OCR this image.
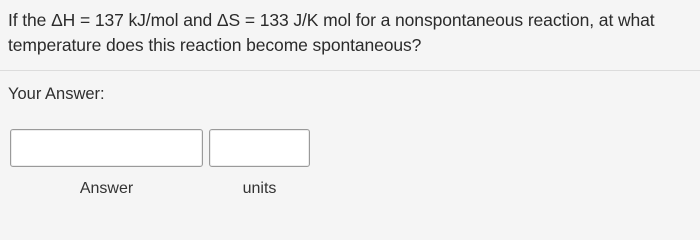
If the ΔH = 137 kJ/mol and ΔS = 133 J/K mol for a nonspontaneous reaction, at what temperature does this reaction become spontaneous?
Your Answer:
Answer	units
